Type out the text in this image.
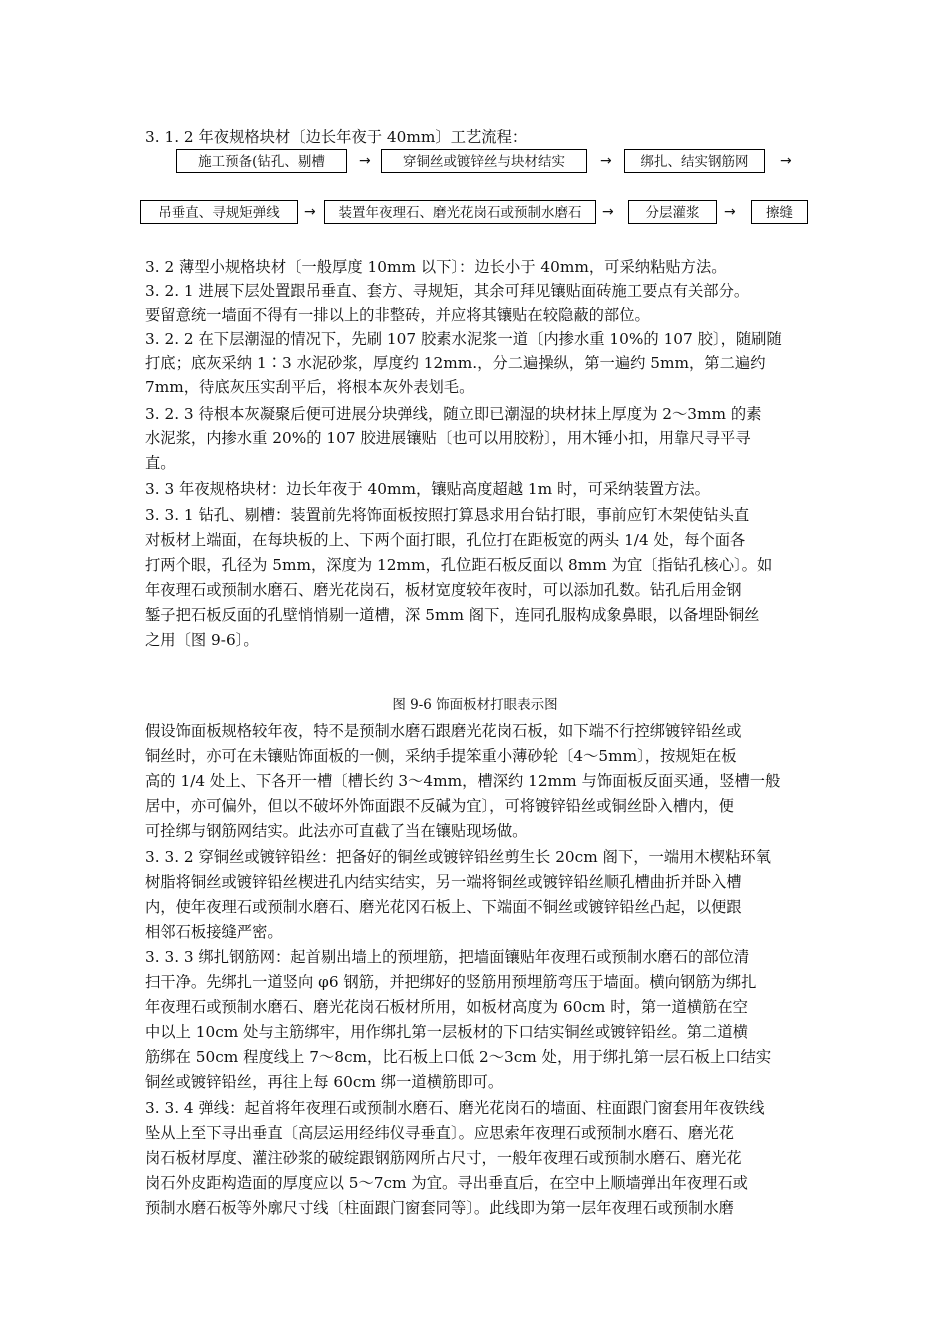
3. 1. 2 年夜规格块材〔边长年夜于 40mm〕工艺流程：
施工预备(钻孔、剔槽	→	→
穿铜丝或镀锌丝与块材结实	绑扎、结实钢筋网	→
吊垂直、寻规矩弹线	→	装置年夜理石、磨光花岗石或预制水磨石	→	分层灌浆	→	擦缝
3. 2 薄型小规格块材〔一般厚度 10mm 以下〕：边长小于 40mm，可采纳粘贴方法。
3. 2. 1 进展下层处置跟吊垂直、套方、寻规矩，其余可拜见镶贴面砖施工要点有关部分。
要留意统一墙面不得有一排以上的非整砖，并应将其镶贴在较隐蔽的部位。
3. 2. 2 在下层潮湿的情况下，先刷 107 胶素水泥浆一道〔内掺水重 10%的 107 胶〕，随刷随
打底；底灰采纳 1∶3 水泥砂浆，厚度约 12mm.，分二遍操纵，第一遍约 5mm，第二遍约
7mm，待底灰压实刮平后，将根本灰外表划毛。
3. 2. 3 待根本灰凝聚后便可进展分块弹线，随立即已潮湿的块材抹上厚度为 2～3mm 的素
水泥浆，内掺水重 20%的 107 胶进展镶贴〔也可以用胶粉〕，用木锤小扣，用靠尺寻平寻
直。
3. 3 年夜规格块材：边长年夜于 40mm，镶贴高度超越 1m 时，可采纳装置方法。
3. 3. 1 钻孔、剔槽：装置前先将饰面板按照打算恳求用台钻打眼，事前应钉木架使钻头直
对板材上端面，在每块板的上、下两个面打眼，孔位打在距板宽的两头 1/4 处，每个面各
打两个眼，孔径为 5mm，深度为 12mm，孔位距石板反面以 8mm 为宜〔指钻孔核心〕。如
年夜理石或预制水磨石、磨光花岗石，板材宽度较年夜时，可以添加孔数。钻孔后用金钢
錾子把石板反面的孔壁悄悄剔一道槽，深 5mm 阁下，连同孔服构成象鼻眼，以备埋卧铜丝
之用〔图 9-6〕。
图 9-6 饰面板材打眼表示图
假设饰面板规格较年夜，特不是预制水磨石跟磨光花岗石板，如下端不行控绑镀锌铅丝或
铜丝时，亦可在未镶贴饰面板的一侧，采纳手提笨重小薄砂轮〔4～5mm〕，按规矩在板
高的 1/4 处上、下各开一槽〔槽长约 3～4mm，槽深约 12mm 与饰面板反面买通，竖槽一般
居中，亦可偏外，但以不破坏外饰面跟不反碱为宜〕，可将镀锌铅丝或铜丝卧入槽内，便
可拴绑与钢筋网结实。此法亦可直截了当在镶贴现场做。
3. 3. 2 穿铜丝或镀锌铅丝：把备好的铜丝或镀锌铅丝剪生长 20cm 阁下，一端用木楔粘环氧
树脂将铜丝或镀锌铅丝楔进孔内结实结实，另一端将铜丝或镀锌铅丝顺孔槽曲折并卧入槽
内，使年夜理石或预制水磨石、磨光花冈石板上、下端面不铜丝或镀锌铅丝凸起，以便跟
相邻石板接缝严密。
3. 3. 3 绑扎钢筋网：起首剔出墙上的预埋筋，把墙面镶贴年夜理石或预制水磨石的部位清
扫干净。先绑扎一道竖向 φ6 钢筋，并把绑好的竖筋用预埋筋弯压于墙面。横向钢筋为绑扎
年夜理石或预制水磨石、磨光花岗石板材所用，如板材高度为 60cm 时，第一道横筋在空
中以上 10cm 处与主筋绑牢，用作绑扎第一层板材的下口结实铜丝或镀锌铅丝。第二道横
筋绑在 50cm 程度线上 7～8cm，比石板上口低 2～3cm 处，用于绑扎第一层石板上口结实
铜丝或镀锌铅丝，再往上每 60cm 绑一道横筋即可。
3. 3. 4 弹线：起首将年夜理石或预制水磨石、磨光花岗石的墙面、柱面跟门窗套用年夜铁线
坠从上至下寻出垂直〔高层运用经纬仪寻垂直〕。应思索年夜理石或预制水磨石、磨光花
岗石板材厚度、灌注砂浆的破绽跟钢筋网所占尺寸，一般年夜理石或预制水磨石、磨光花
岗石外皮距构造面的厚度应以 5～7cm 为宜。寻出垂直后，在空中上顺墙弹出年夜理石或
预制水磨石板等外廓尺寸线〔柱面跟门窗套同等〕。此线即为第一层年夜理石或预制水磨
